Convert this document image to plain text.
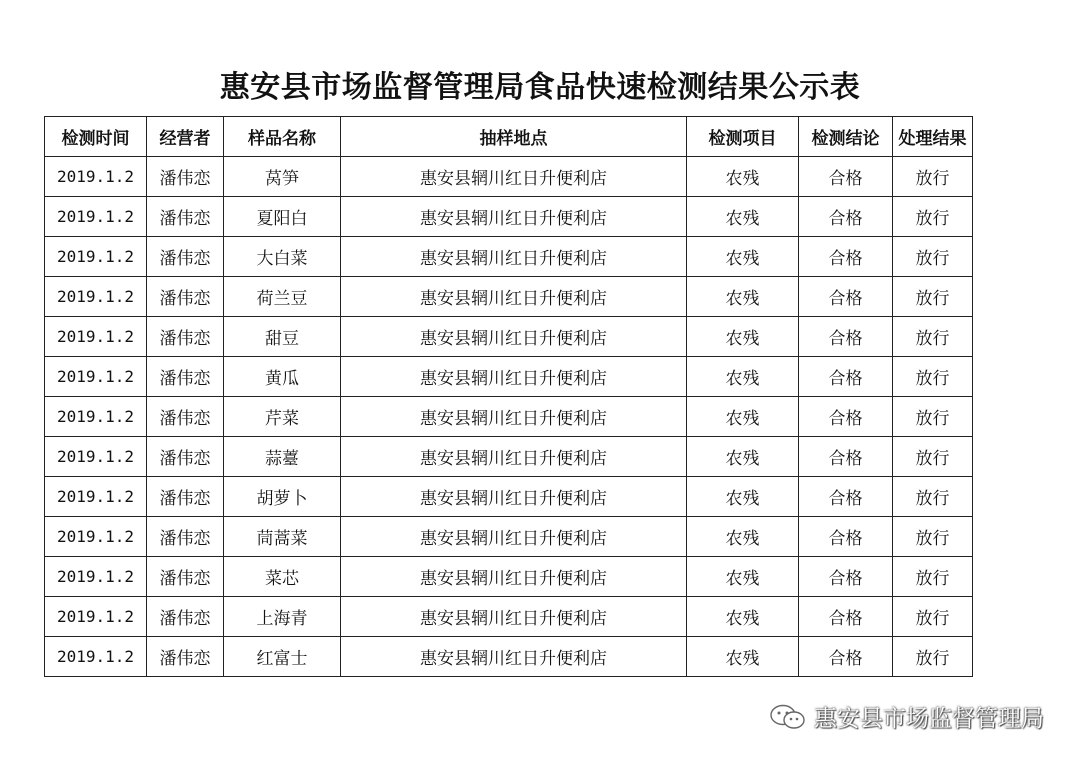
惠安县市场监督管理局食品快速检测结果公示表
检测时间	经营者	样品名称	抽样地点	检测项目	检测结论	处理结果
2019.1.2	潘伟恋	莴笋	惠安县辋川红日升便利店	农残	合格	放行
2019.1.2	潘伟恋	夏阳白	惠安县辋川红日升便利店	农残	合格	放行
2019.1.2	潘伟恋	大白菜	惠安县辋川红日升便利店	农残	合格	放行
2019.1.2	潘伟恋	荷兰豆	惠安县辋川红日升便利店	农残	合格	放行
2019.1.2	潘伟恋	甜豆	惠安县辋川红日升便利店	农残	合格	放行
2019.1.2	潘伟恋	黄瓜	惠安县辋川红日升便利店	农残	合格	放行
2019.1.2	潘伟恋	芹菜	惠安县辋川红日升便利店	农残	合格	放行
2019.1.2	潘伟恋	蒜薹	惠安县辋川红日升便利店	农残	合格	放行
2019.1.2	潘伟恋	胡萝卜	惠安县辋川红日升便利店	农残	合格	放行
2019.1.2	潘伟恋	茼蒿菜	惠安县辋川红日升便利店	农残	合格	放行
2019.1.2	潘伟恋	菜芯	惠安县辋川红日升便利店	农残	合格	放行
2019.1.2	潘伟恋	上海青	惠安县辋川红日升便利店	农残	合格	放行
2019.1.2	潘伟恋	红富士	惠安县辋川红日升便利店	农残	合格	放行
惠安县市场监督管理局
